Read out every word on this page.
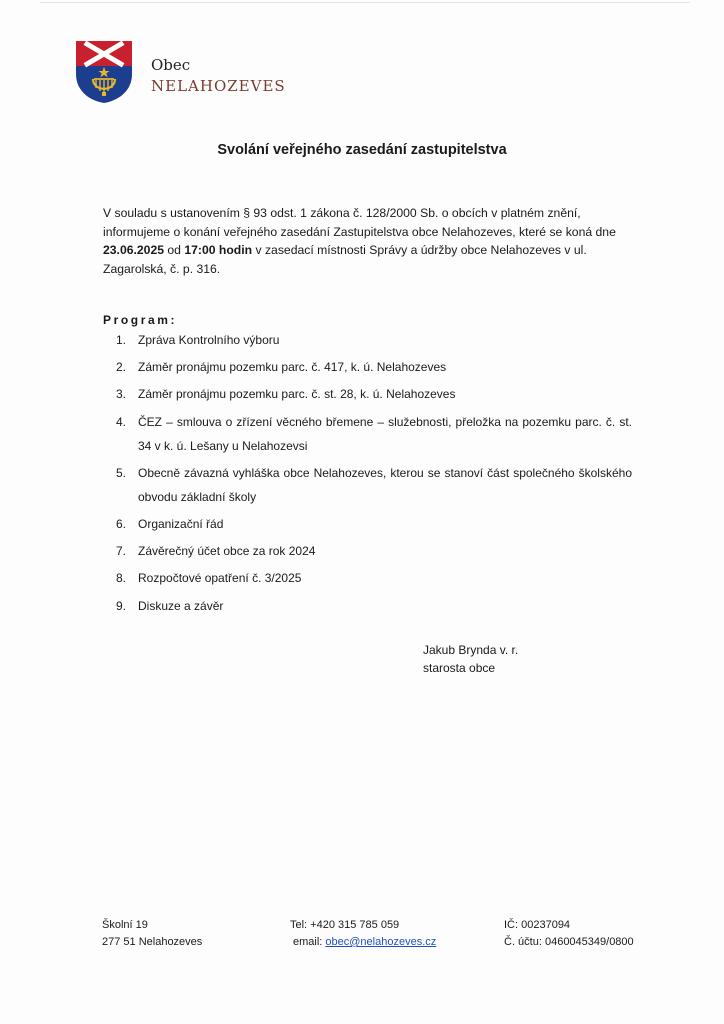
Obec
NELAHOZEVES
Svolání veřejného zasedání zastupitelstva
V souladu s ustanovením § 93 odst. 1 zákona č. 128/2000 Sb. o obcích v platném znění, informujeme o konání veřejného zasedání Zastupitelstva obce Nelahozeves, které se koná dne 23.06.2025 od 17:00 hodin v zasedací místnosti Správy a údržby obce Nelahozeves v ul. Zagarolská, č. p. 316.
Program:
1. Zpráva Kontrolního výboru
2. Záměr pronájmu pozemku parc. č. 417, k. ú. Nelahozeves
3. Záměr pronájmu pozemku parc. č. st. 28, k. ú. Nelahozeves
4. ČEZ – smlouva o zřízení věcného břemene – služebnosti, přeložka na pozemku parc. č. st. 34 v k. ú. Lešany u Nelahozevsi
5. Obecně závazná vyhláška obce Nelahozeves, kterou se stanoví část společného školského obvodu základní školy
6. Organizační řád
7. Závěrečný účet obce za rok 2024
8. Rozpočtové opatření č. 3/2025
9. Diskuze a závěr
Jakub Brynda v. r.
starosta obce
Školní 19
277 51 Nelahozeves
Tel: +420 315 785 059
email: obec@nelahozeves.cz
IČ: 00237094
Č. účtu: 0460045349/0800
